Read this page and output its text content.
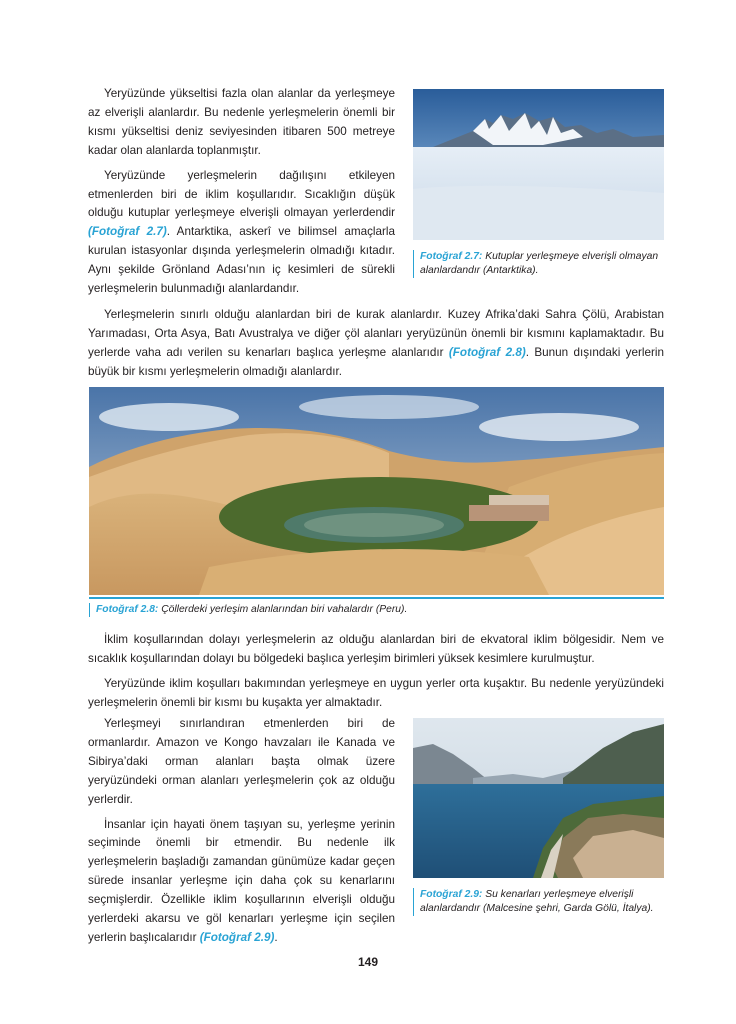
Yeryüzünde yükseltisi fazla olan alanlar da yerleşmeye az elverişli alanlardır. Bu nedenle yerleşmelerin önemli bir kısmı yükseltisi deniz seviyesinden itibaren 500 metreye kadar olan alanlarda toplanmıştır.

Yeryüzünde yerleşmelerin dağılışını etkileyen etmenlerden biri de iklim koşullarıdır. Sıcaklığın düşük olduğu kutuplar yerleşmeye elverişli olmayan yerlerdendir (Fotoğraf 2.7). Antarktika, askerî ve bilimsel amaçlarla kurulan istasyonlar dışında yerleşmelerin olmadığı kıtadır. Aynı şekilde Grönland Adası’nın iç kesimleri de sürekli yerleşmelerin bulunmadığı alanlardandır.

Fotoğraf 2.7: Kutuplar yerleşmeye elverişli olmayan alanlardandır (Antarktika).

Yerleşmelerin sınırlı olduğu alanlardan biri de kurak alanlardır. Kuzey Afrika’daki Sahra Çölü, Arabistan Yarımadası, Orta Asya, Batı Avustralya ve diğer çöl alanları yeryüzünün önemli bir kısmını kaplamaktadır. Bu yerlerde vaha adı verilen su kenarları başlıca yerleşme alanlarıdır (Fotoğraf 2.8). Bunun dışındaki yerlerin büyük bir kısmı yerleşmelerin olmadığı alanlardır.

Fotoğraf 2.8: Çöllerdeki yerleşim alanlarından biri vahalardır (Peru).

İklim koşullarından dolayı yerleşmelerin az olduğu alanlardan biri de ekvatoral iklim bölgesidir. Nem ve sıcaklık koşullarından dolayı bu bölgedeki başlıca yerleşim birimleri yüksek kesimlere kurulmuştur.

Yeryüzünde iklim koşulları bakımından yerleşmeye en uygun yerler orta kuşaktır. Bu nedenle yeryüzündeki yerleşmelerin önemli bir kısmı bu kuşakta yer almaktadır.

Yerleşmeyi sınırlandıran etmenlerden biri de ormanlardır. Amazon ve Kongo havzaları ile Kanada ve Sibirya’daki orman alanları başta olmak üzere yeryüzündeki orman alanları yerleşmelerin çok az olduğu yerlerdir.

İnsanlar için hayati önem taşıyan su, yerleşme yerinin seçiminde önemli bir etmendir. Bu nedenle ilk yerleşmelerin başladığı zamandan günümüze kadar geçen sürede insanlar yerleşme için daha çok su kenarlarını seçmişlerdir. Özellikle iklim koşullarının elverişli olduğu yerlerdeki akarsu ve göl kenarları yerleşme için seçilen yerlerin başlıcalarıdır (Fotoğraf 2.9).

Fotoğraf 2.9: Su kenarları yerleşmeye elverişli alanlardandır (Malcesine şehri, Garda Gölü, İtalya).
149
